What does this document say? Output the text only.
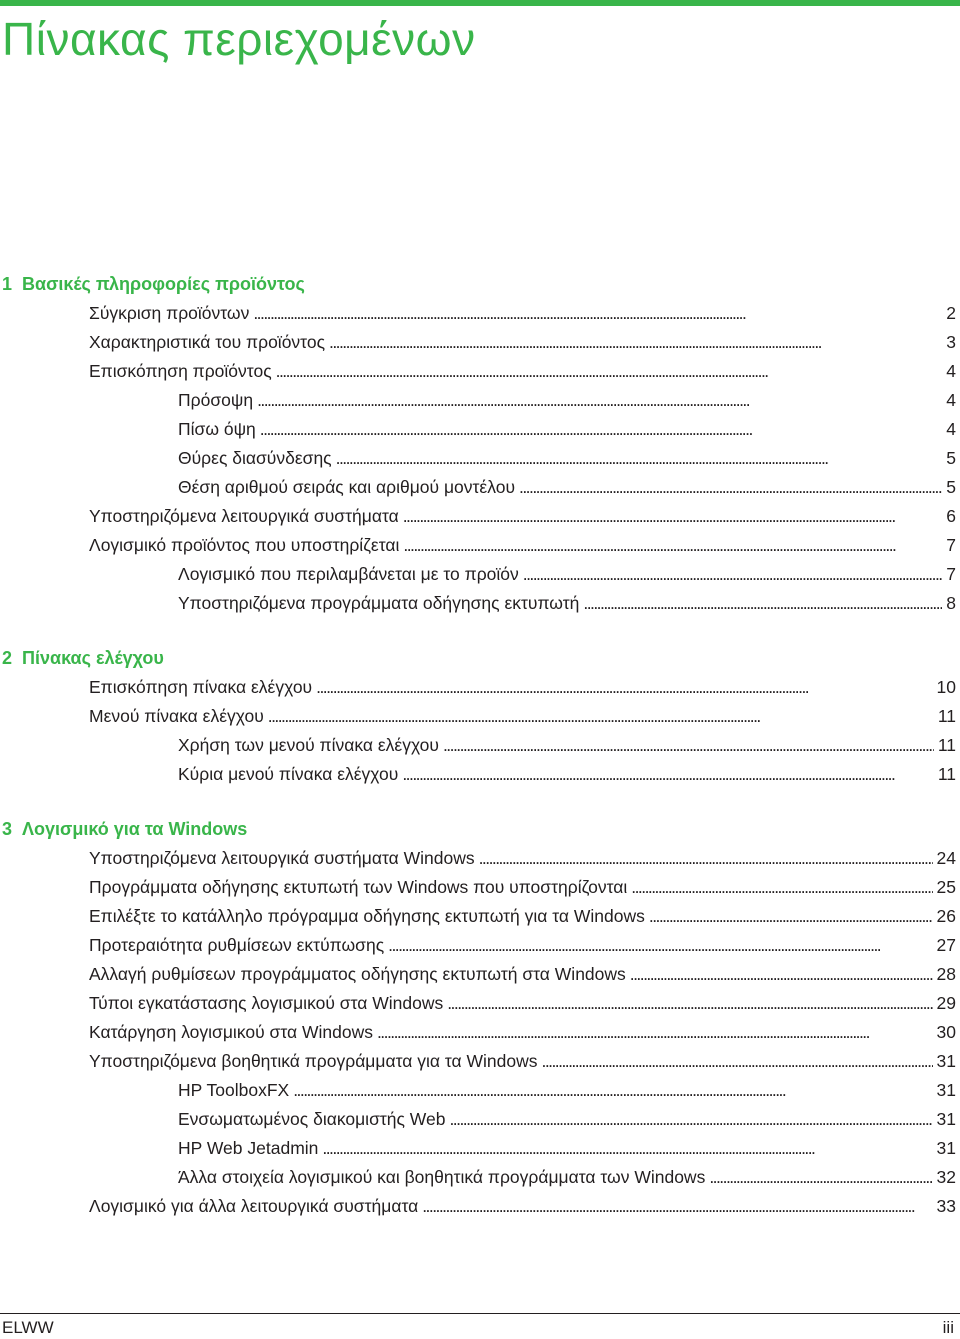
Πίνακας περιεχομένων
1 Βασικές πληροφορίες προϊόντος
Σύγκριση προϊόντων . . .	2
Χαρακτηριστικά του προϊόντος . . .	3
Επισκόπηση προϊόντος . . .	4
Πρόσοψη . . .	4
Πίσω όψη . . .	4
Θύρες διασύνδεσης . . .	5
Θέση αριθμού σειράς και αριθμού μοντέλου . . .	5
Υποστηριζόμενα λειτουργικά συστήματα . . .	6
Λογισμικό προϊόντος που υποστηρίζεται . . .	7
Λογισμικό που περιλαμβάνεται με το προϊόν . . .	7
Υποστηριζόμενα προγράμματα οδήγησης εκτυπωτή . . .	8
2 Πίνακας ελέγχου
Επισκόπηση πίνακα ελέγχου . . .	10
Μενού πίνακα ελέγχου . . .	11
Χρήση των μενού πίνακα ελέγχου . . .	11
Κύρια μενού πίνακα ελέγχου . . .	11
3 Λογισμικό για τα Windows
Υποστηριζόμενα λειτουργικά συστήματα Windows . . .	24
Προγράμματα οδήγησης εκτυπωτή των Windows που υποστηρίζονται . . .	25
Επιλέξτε το κατάλληλο πρόγραμμα οδήγησης εκτυπωτή για τα Windows . . .	26
Προτεραιότητα ρυθμίσεων εκτύπωσης . . .	27
Αλλαγή ρυθμίσεων προγράμματος οδήγησης εκτυπωτή στα Windows . . .	28
Τύποι εγκατάστασης λογισμικού στα Windows . . .	29
Κατάργηση λογισμικού στα Windows . . .	30
Υποστηριζόμενα βοηθητικά προγράμματα για τα Windows . . .	31
HP ToolboxFX . . .	31
Ενσωματωμένος διακομιστής Web . . .	31
HP Web Jetadmin . . .	31
Άλλα στοιχεία λογισμικού και βοηθητικά προγράμματα των Windows . . .	32
Λογισμικό για άλλα λειτουργικά συστήματα . . .	33
ELWW	iii
